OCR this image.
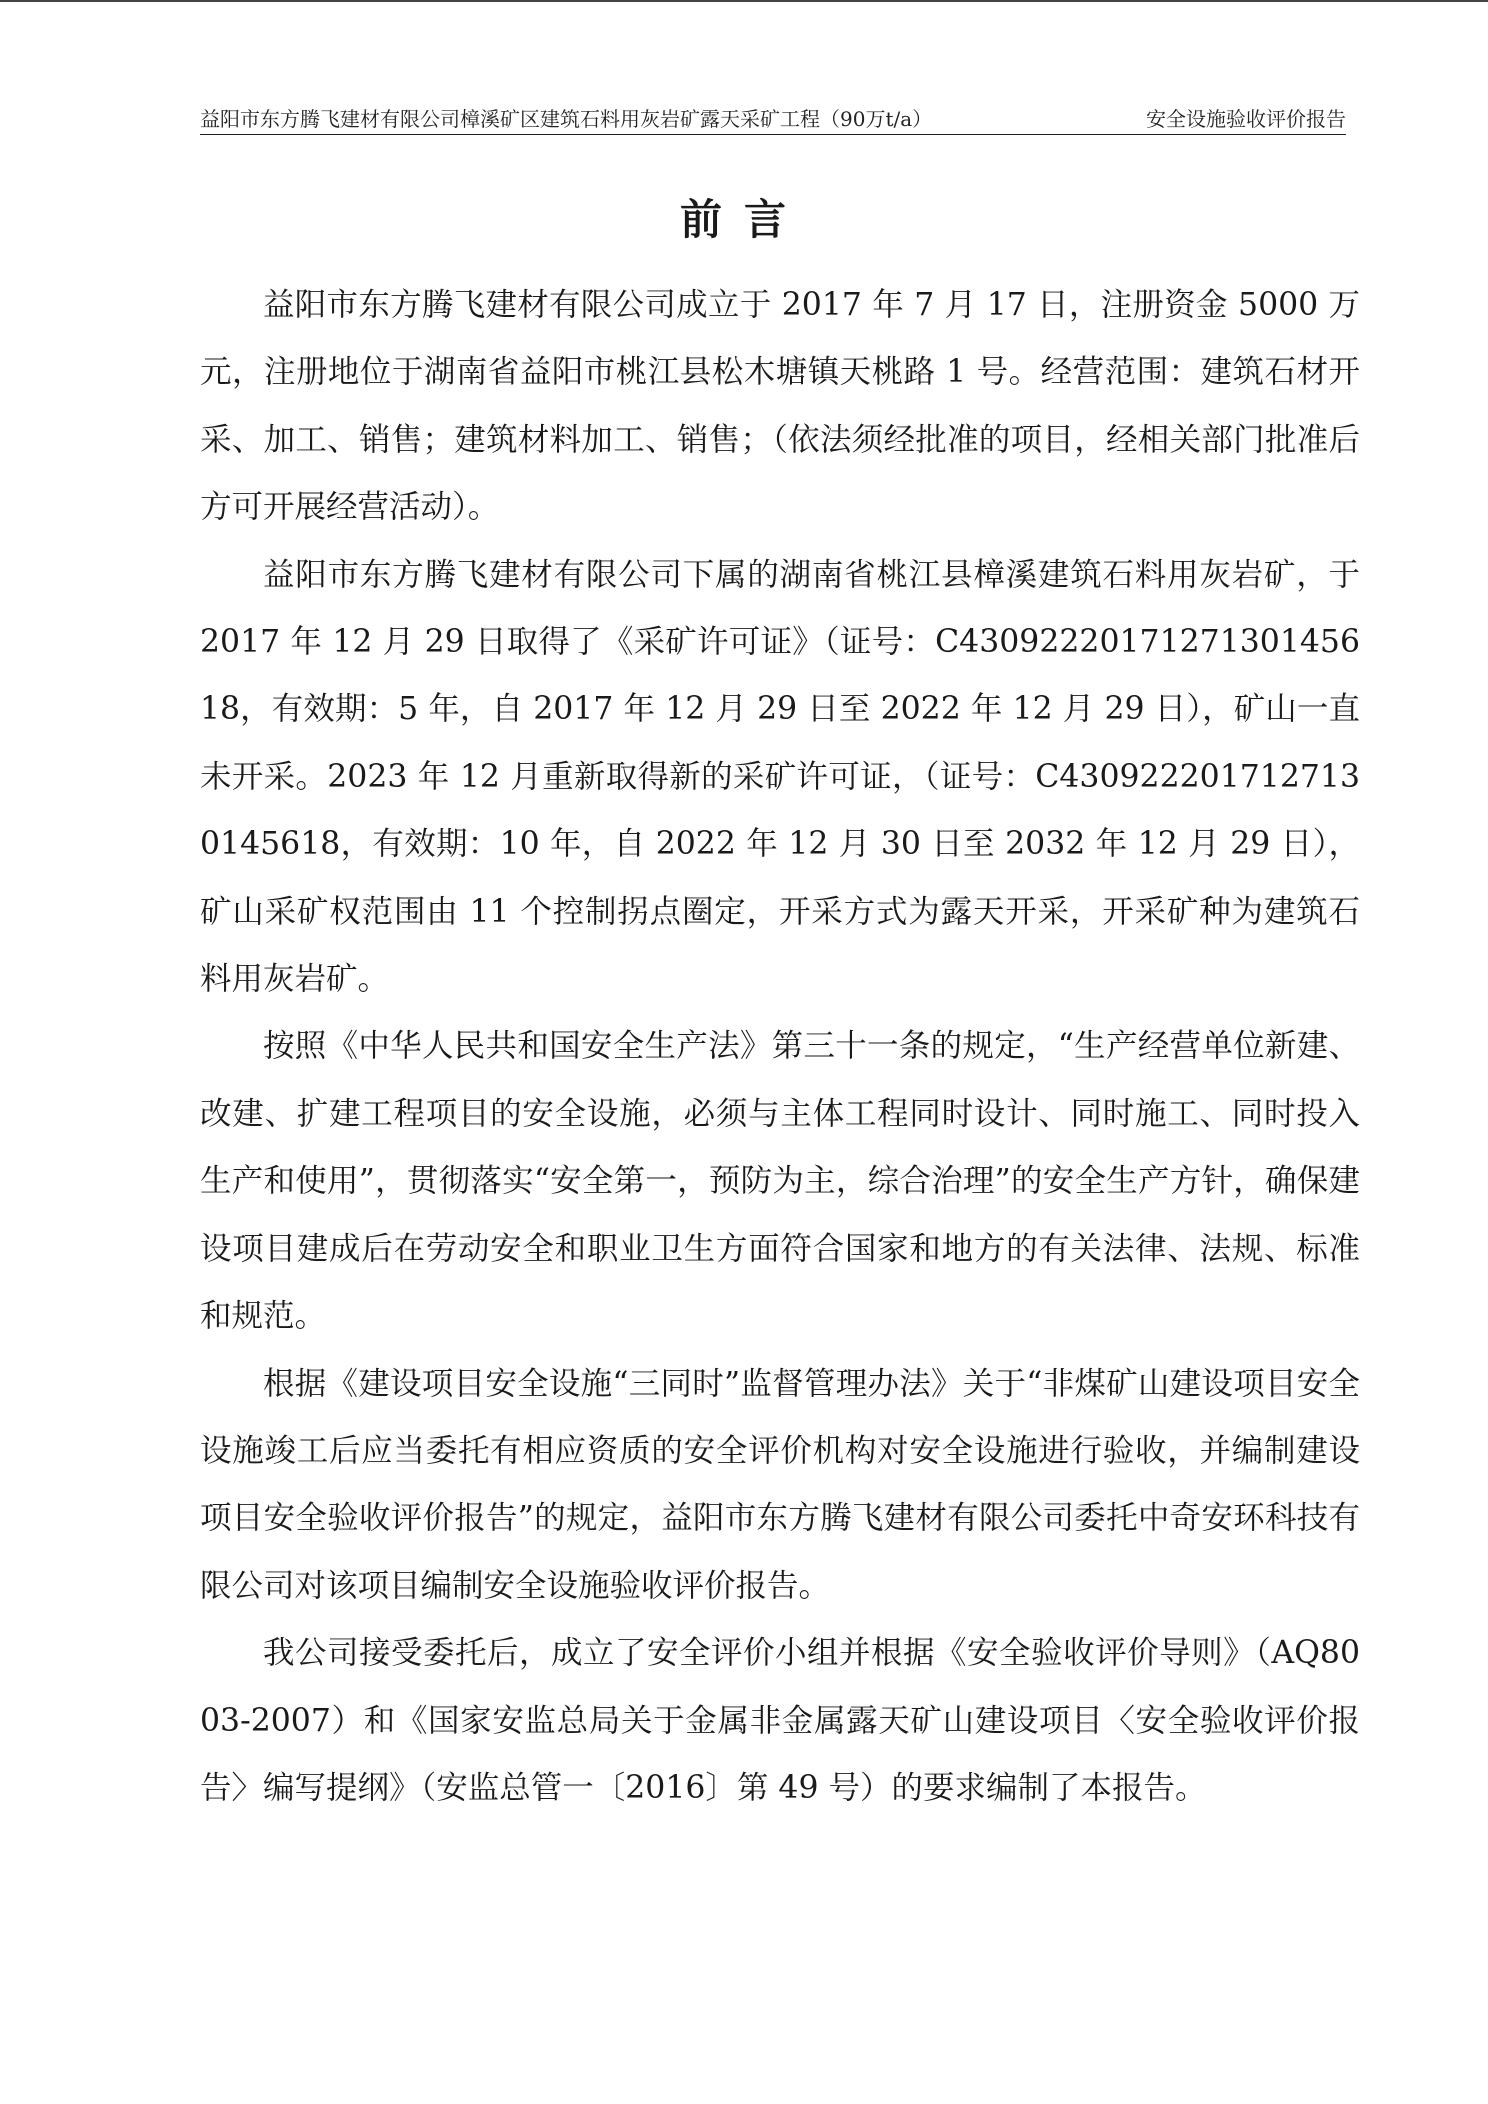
益阳市东方腾飞建材有限公司樟溪矿区建筑石料用灰岩矿露天采矿工程（90万t/a）	安全设施验收评价报告
前言

益阳市东方腾飞建材有限公司成立于 2017 年 7 月 17 日，注册资金 5000 万元，注册地位于湖南省益阳市桃江县松木塘镇天桃路 1 号。经营范围：建筑石材开采、加工、销售；建筑材料加工、销售；（依法须经批准的项目，经相关部门批准后方可开展经营活动）。

益阳市东方腾飞建材有限公司下属的湖南省桃江县樟溪建筑石料用灰岩矿，于 2017 年 12 月 29 日取得了《采矿许可证》（证号：C4309222017127130145618，有效期：5 年，自 2017 年 12 月 29 日至 2022 年 12 月 29 日），矿山一直未开采。2023 年 12 月重新取得新的采矿许可证，（证号：C4309222017127130145618，有效期：10 年，自 2022 年 12 月 30 日至 2032 年 12 月 29 日），矿山采矿权范围由 11 个控制拐点圈定，开采方式为露天开采，开采矿种为建筑石料用灰岩矿。

按照《中华人民共和国安全生产法》第三十一条的规定，“生产经营单位新建、改建、扩建工程项目的安全设施，必须与主体工程同时设计、同时施工、同时投入生产和使用”，贯彻落实“安全第一，预防为主，综合治理”的安全生产方针，确保建设项目建成后在劳动安全和职业卫生方面符合国家和地方的有关法律、法规、标准和规范。

根据《建设项目安全设施“三同时”监督管理办法》关于“非煤矿山建设项目安全设施竣工后应当委托有相应资质的安全评价机构对安全设施进行验收，并编制建设项目安全验收评价报告”的规定，益阳市东方腾飞建材有限公司委托中奇安环科技有限公司对该项目编制安全设施验收评价报告。

我公司接受委托后，成立了安全评价小组并根据《安全验收评价导则》（AQ8003-2007）和《国家安监总局关于金属非金属露天矿山建设项目〈安全验收评价报告〉编写提纲》（安监总管一〔2016〕第 49 号）的要求编制了本报告。
